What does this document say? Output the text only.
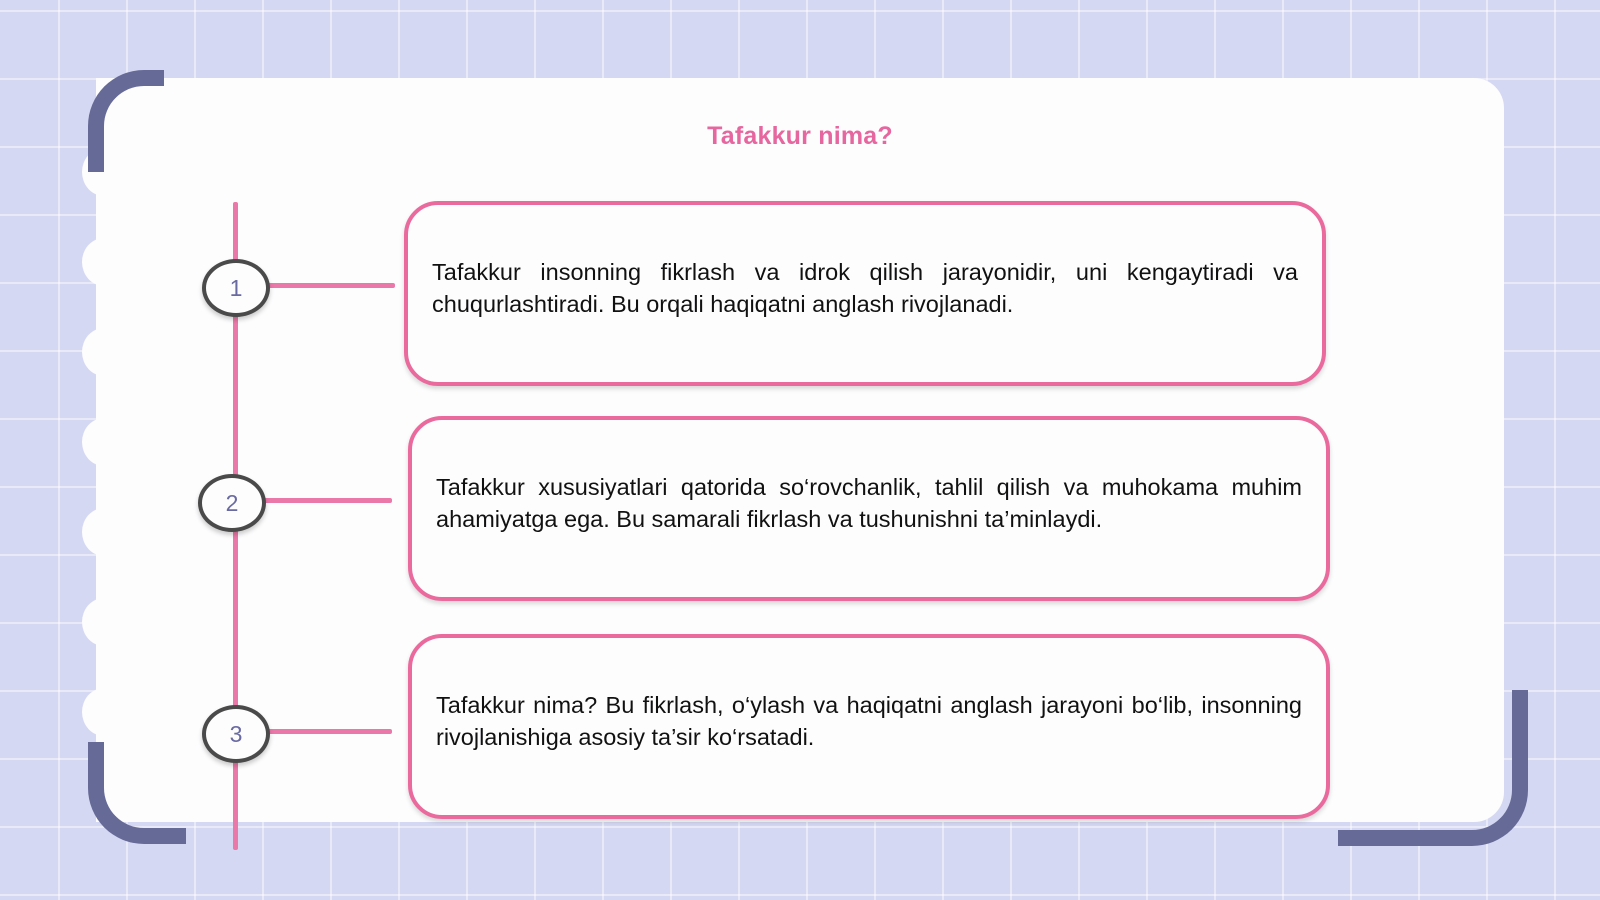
Tafakkur nima?
1

Tafakkur insonning fikrlash va idrok qilish jarayonidir, uni kengaytiradi va chuqurlashtiradi. Bu orqali haqiqatni anglash rivojlanadi.

2

Tafakkur xususiyatlari qatorida so‘rovchanlik, tahlil qilish va muhokama muhim ahamiyatga ega. Bu samarali fikrlash va tushunishni ta’minlaydi.

3

Tafakkur nima? Bu fikrlash, o‘ylash va haqiqatni anglash jarayoni bo‘lib, insonning rivojlanishiga asosiy ta’sir ko‘rsatadi.
